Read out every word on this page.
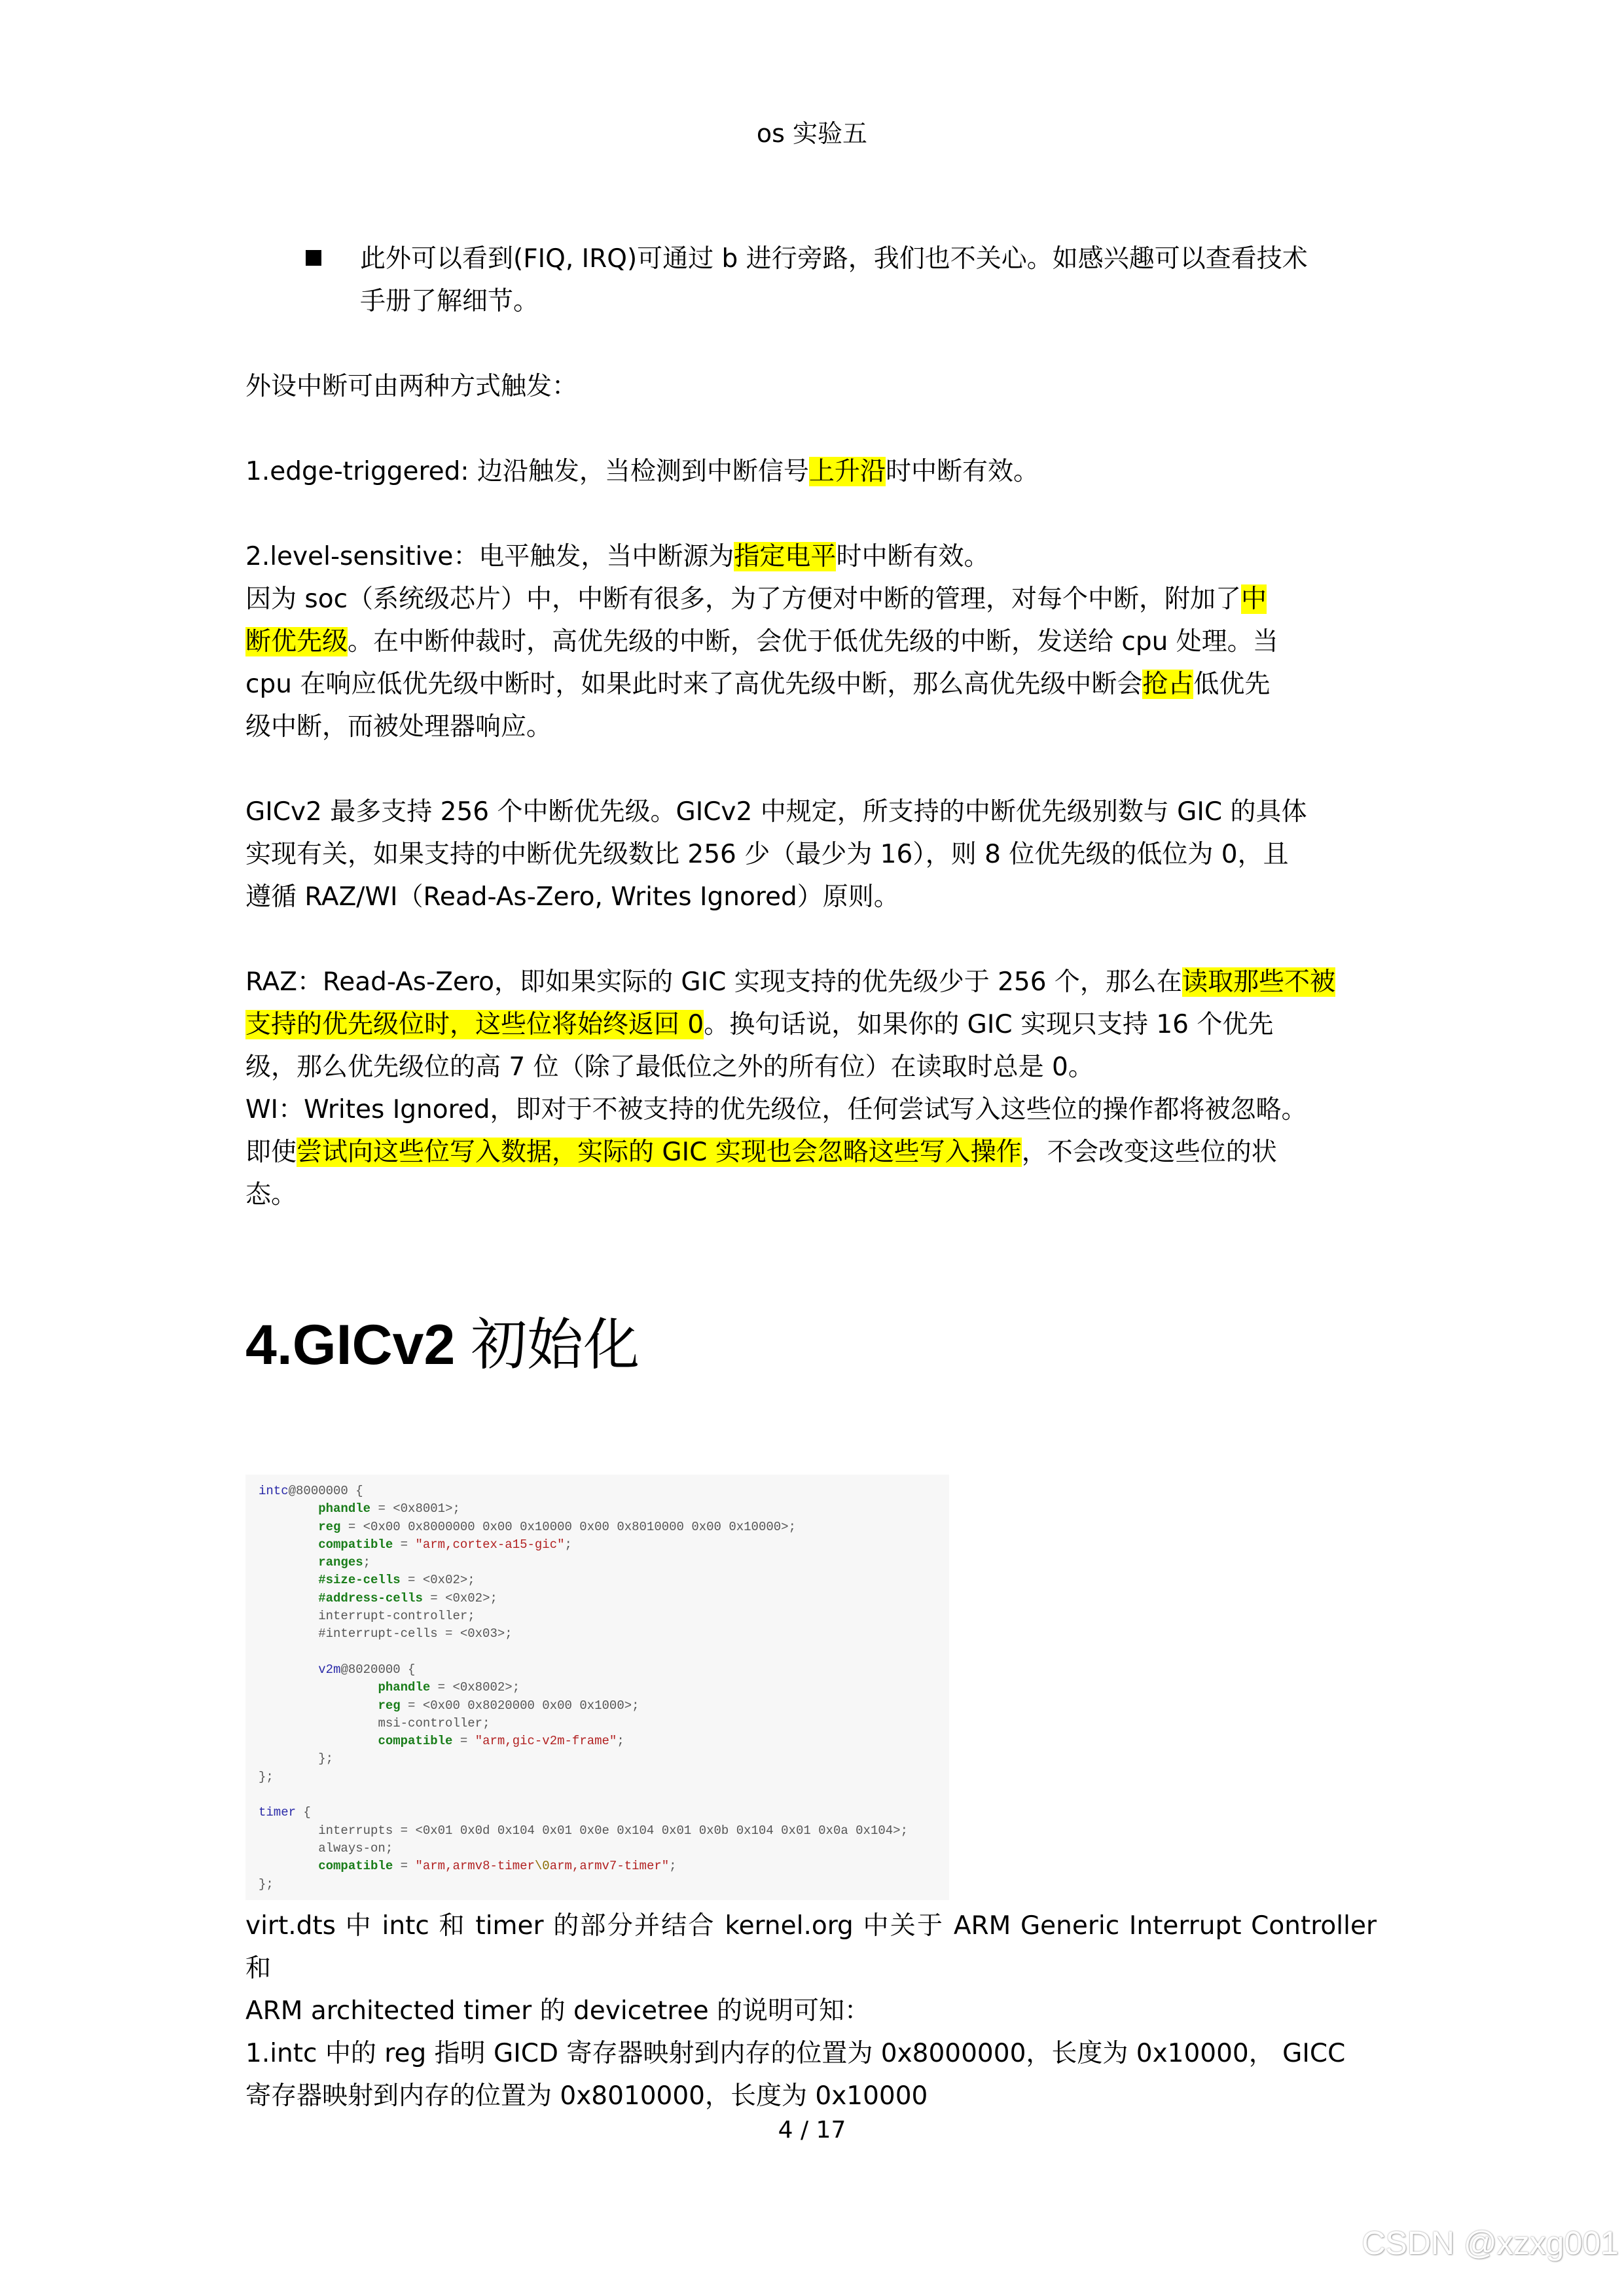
os 实验五
此外可以看到(FIQ, IRQ)可通过 b 进行旁路，我们也不关心。如感兴趣可以查看技术
手册了解细节。
外设中断可由两种方式触发：
1.edge-triggered: 边沿触发，当检测到中断信号上升沿时中断有效。
2.level-sensitive：电平触发，当中断源为指定电平时中断有效。
因为 soc（系统级芯片）中，中断有很多，为了方便对中断的管理，对每个中断，附加了中
断优先级。在中断仲裁时，高优先级的中断，会优于低优先级的中断，发送给 cpu 处理。当
cpu 在响应低优先级中断时，如果此时来了高优先级中断，那么高优先级中断会抢占低优先
级中断，而被处理器响应。
GICv2 最多支持 256 个中断优先级。GICv2 中规定，所支持的中断优先级别数与 GIC 的具体
实现有关，如果支持的中断优先级数比 256 少（最少为 16），则 8 位优先级的低位为 0，且
遵循 RAZ/WI（Read-As-Zero, Writes Ignored）原则。
RAZ：Read-As-Zero，即如果实际的 GIC 实现支持的优先级少于 256 个，那么在读取那些不被
支持的优先级位时，这些位将始终返回 0。换句话说，如果你的 GIC 实现只支持 16 个优先
级，那么优先级位的高 7 位（除了最低位之外的所有位）在读取时总是 0。
WI：Writes Ignored，即对于不被支持的优先级位，任何尝试写入这些位的操作都将被忽略。
即使尝试向这些位写入数据，实际的 GIC 实现也会忽略这些写入操作，不会改变这些位的状
态。
4.GICv2 初始化
virt.dts 中 intc 和 timer 的部分并结合 kernel.org 中关于 ARM Generic Interrupt Controller 和
ARM architected timer 的 devicetree 的说明可知：
1.intc 中的 reg 指明 GICD 寄存器映射到内存的位置为 0x8000000，长度为 0x10000， GICC
寄存器映射到内存的位置为 0x8010000，长度为 0x10000
intc@8000000 {
phandle = <0x8001>;
reg = <0x00 0x8000000 0x00 0x10000 0x00 0x8010000 0x00 0x10000>;
compatible = "arm,cortex-a15-gic";
ranges;
#size-cells = <0x02>;
#address-cells = <0x02>;
interrupt-controller;
#interrupt-cells = <0x03>;

v2m@8020000 {
phandle = <0x8002>;
reg = <0x00 0x8020000 0x00 0x1000>;
msi-controller;
compatible = "arm,gic-v2m-frame";
};
};

timer {
interrupts = <0x01 0x0d 0x104 0x01 0x0e 0x104 0x01 0x0b 0x104 0x01 0x0a 0x104>;
always-on;
compatible = "arm,armv8-timer\0arm,armv7-timer";
};
4 / 17
CSDN @xzxg001
